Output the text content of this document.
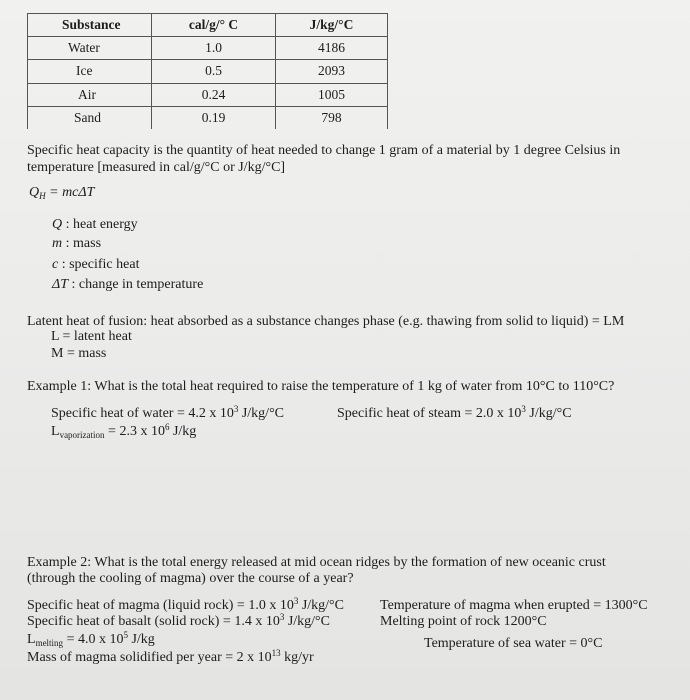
Substance	cal/g/° C	J/kg/°C
Water	1.0	4186
Ice	0.5	2093
Air	0.24	1005
Sand	0.19	798
Specific heat capacity is the quantity of heat needed to change 1 gram of a material by 1 degree Celsius in
temperature [measured in cal/g/°C or J/kg/°C]
$Q_H = mc\Delta T$
Q : heat energy
m : mass
c : specific heat
ΔT : change in temperature
Latent heat of fusion: heat absorbed as a substance changes phase (e.g. thawing from solid to liquid) = LM
L = latent heat
M = mass
Example 1: What is the total heat required to raise the temperature of 1 kg of water from 10°C to 110°C?
Specific heat of water = 4.2 x $10^3$ J/kg/°C	Specific heat of steam = 2.0 x $10^3$ J/kg/°C
$L_{vaporization} = 2.3$ x $10^6$ J/kg
Example 2: What is the total energy released at mid ocean ridges by the formation of new oceanic crust
(through the cooling of magma) over the course of a year?
Specific heat of magma (liquid rock) = 1.0 x $10^3$ J/kg/°C
Specific heat of basalt (solid rock) = 1.4 x $10^3$ J/kg/°C
$L_{melting} = 4.0$ x $10^5$ J/kg
Mass of magma solidified per year = 2 x $10^{13}$ kg/yr
Temperature of magma when erupted = 1300°C
Melting point of rock 1200°C
Temperature of sea water = 0°C
